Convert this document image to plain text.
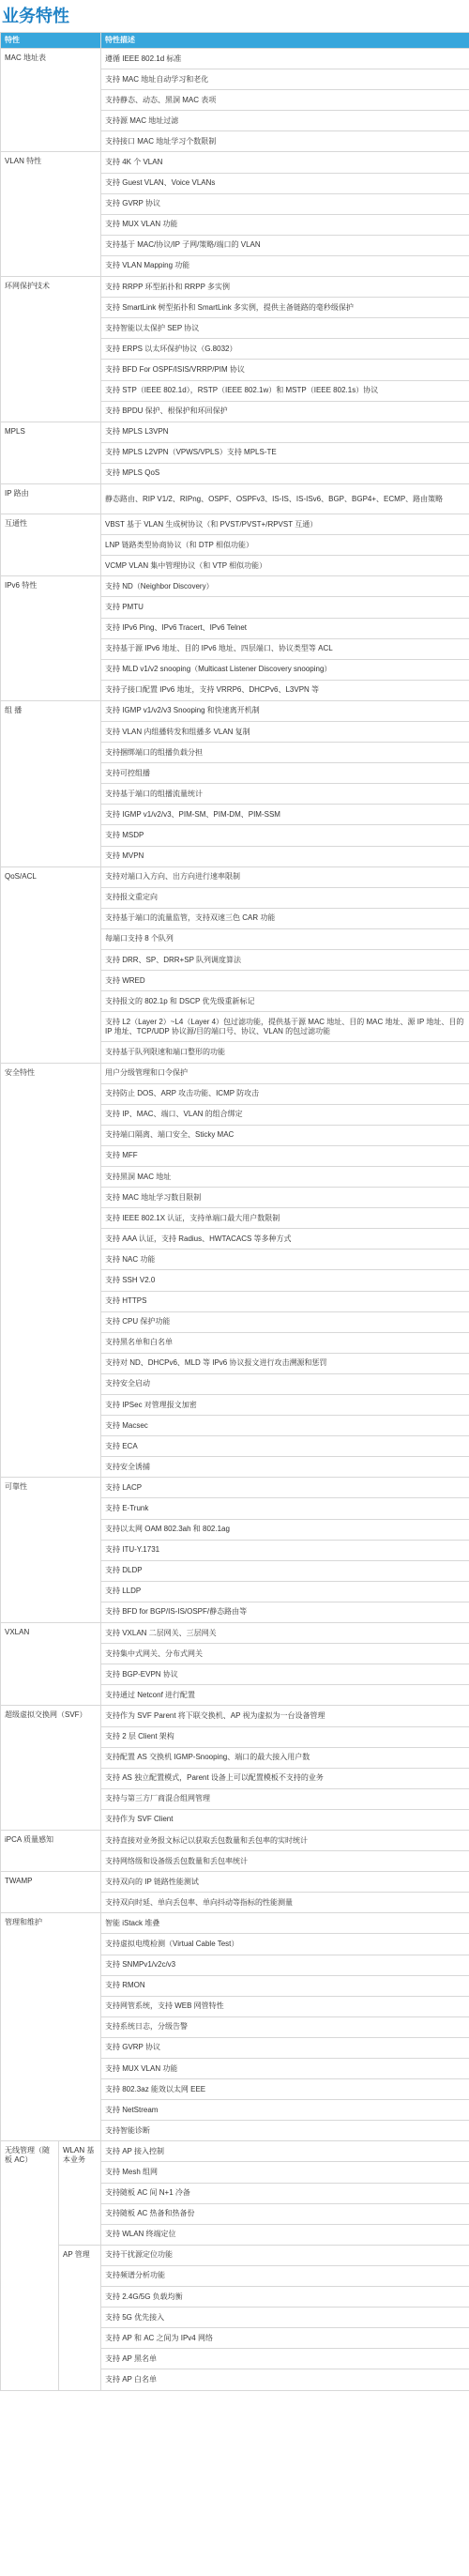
业务特性
特性		特性描述
MAC 地址表		遵循 IEEE 802.1d 标准
		支持 MAC 地址自动学习和老化
		支持静态、动态、黑洞 MAC 表项
		支持源 MAC 地址过滤
		支持接口 MAC 地址学习个数限制
VLAN 特性		支持 4K 个 VLAN
		支持 Guest VLAN、Voice VLANs
		支持 GVRP 协议
		支持 MUX VLAN 功能
		支持基于 MAC/协议/IP 子网/策略/端口的 VLAN
		支持 VLAN Mapping 功能
环网保护技术		支持 RRPP 环型拓扑和 RRPP 多实例
		支持 SmartLink 树型拓扑和 SmartLink 多实例，提供主备链路的毫秒级保护
		支持智能以太保护 SEP 协议
		支持 ERPS 以太环保护协议（G.8032）
		支持 BFD For OSPF/ISIS/VRRP/PIM 协议
		支持 STP（IEEE 802.1d），RSTP（IEEE 802.1w）和 MSTP（IEEE 802.1s）协议
		支持 BPDU 保护、根保护和环回保护
MPLS		支持 MPLS L3VPN
		支持 MPLS L2VPN（VPWS/VPLS）支持 MPLS-TE
		支持 MPLS QoS
IP 路由		静态路由、RIP V1/2、RIPng、OSPF、OSPFv3、IS-IS、IS-ISv6、BGP、BGP4+、ECMP、路由策略
互通性		VBST 基于 VLAN 生成树协议（和 PVST/PVST+/RPVST 互通）
		LNP 链路类型协商协议（和 DTP 相似功能）
		VCMP VLAN 集中管理协议（和 VTP 相似功能）
IPv6 特性		支持 ND（Neighbor Discovery）
		支持 PMTU
		支持 IPv6 Ping、IPv6 Tracert、IPv6 Telnet
		支持基于源 IPv6 地址、目的 IPv6 地址、四层端口、协议类型等 ACL
		支持 MLD v1/v2 snooping（Multicast Listener Discovery snooping）
		支持子接口配置 IPv6 地址，支持 VRRP6、DHCPv6、L3VPN 等
组 播		支持 IGMP v1/v2/v3 Snooping 和快速离开机制
		支持 VLAN 内组播转发和组播多 VLAN 复制
		支持捆绑端口的组播负载分担
		支持可控组播
		支持基于端口的组播流量统计
		支持 IGMP v1/v2/v3、PIM-SM、PIM-DM、PIM-SSM
		支持 MSDP
		支持 MVPN
QoS/ACL		支持对端口入方向、出方向进行速率限制
		支持报文重定向
		支持基于端口的流量监管，支持双速三色 CAR 功能
		每端口支持 8 个队列
		支持 DRR、SP、DRR+SP 队列调度算法
		支持 WRED
		支持报文的 802.1p 和 DSCP 优先级重新标记
		支持 L2（Layer 2）~L4（Layer 4）包过滤功能，提供基于源 MAC 地址、目的 MAC 地址、源 IP 地址、目的 IP 地址、TCP/UDP 协议源/目的端口号、协议、VLAN 的包过滤功能
		支持基于队列限速和端口整形的功能
安全特性		用户分级管理和口令保护
		支持防止 DOS、ARP 攻击功能、ICMP 防攻击
		支持 IP、MAC、端口、VLAN 的组合绑定
		支持端口隔离、端口安全、Sticky MAC
		支持 MFF
		支持黑洞 MAC 地址
		支持 MAC 地址学习数目限制
		支持 IEEE 802.1X 认证，支持单端口最大用户数限制
		支持 AAA 认证，支持 Radius、HWTACACS 等多种方式
		支持 NAC 功能
		支持 SSH V2.0
		支持 HTTPS
		支持 CPU 保护功能
		支持黑名单和白名单
		支持对 ND、DHCPv6、MLD 等 IPv6 协议报文进行攻击溯源和惩罚
		支持安全启动
		支持 IPSec 对管理报文加密
		支持 Macsec
		支持 ECA
		支持安全诱捕
可靠性		支持 LACP
		支持 E-Trunk
		支持以太网 OAM 802.3ah 和 802.1ag
		支持 ITU-Y.1731
		支持 DLDP
		支持 LLDP
		支持 BFD for BGP/IS-IS/OSPF/静态路由等
VXLAN		支持 VXLAN 二层网关、三层网关
		支持集中式网关、分布式网关
		支持 BGP-EVPN 协议
		支持通过 Netconf 进行配置
超级虚拟交换网（SVF）		支持作为 SVF Parent 将下联交换机、AP 视为虚拟为一台设备管理
		支持 2 层 Client 架构
		支持配置 AS 交换机 IGMP-Snooping、端口的最大接入用户数
		支持 AS 独立配置模式，Parent 设备上可以配置模板不支持的业务
		支持与第三方厂商混合组网管理
		支持作为 SVF Client
iPCA 质量感知		支持直接对业务报文标记以获取丢包数量和丢包率的实时统计
		支持网络级和设备级丢包数量和丢包率统计
TWAMP		支持双向的 IP 链路性能测试
		支持双向时延、单向丢包率、单向抖动等指标的性能测量
管理和维护		智能 iStack 堆叠
		支持虚拟电缆检测（Virtual Cable Test）
		支持 SNMPv1/v2c/v3
		支持 RMON
		支持网管系统，支持 WEB 网管特性
		支持系统日志，分级告警
		支持 GVRP 协议
		支持 MUX VLAN 功能
		支持 802.3az 能效以太网 EEE
		支持 NetStream
		支持智能诊断
无线管理（随板 AC）	WLAN 基本业务	支持 AP 接入控制
		支持 Mesh 组网
		支持随板 AC 间 N+1 冷备
		支持随板 AC 热备和热备份
		支持 WLAN 终端定位
	AP 管理	支持干扰源定位功能
		支持频谱分析功能
		支持 2.4G/5G 负载均衡
		支持 5G 优先接入
		支持 AP 和 AC 之间为 IPv4 网络
		支持 AP 黑名单
		支持 AP 白名单
